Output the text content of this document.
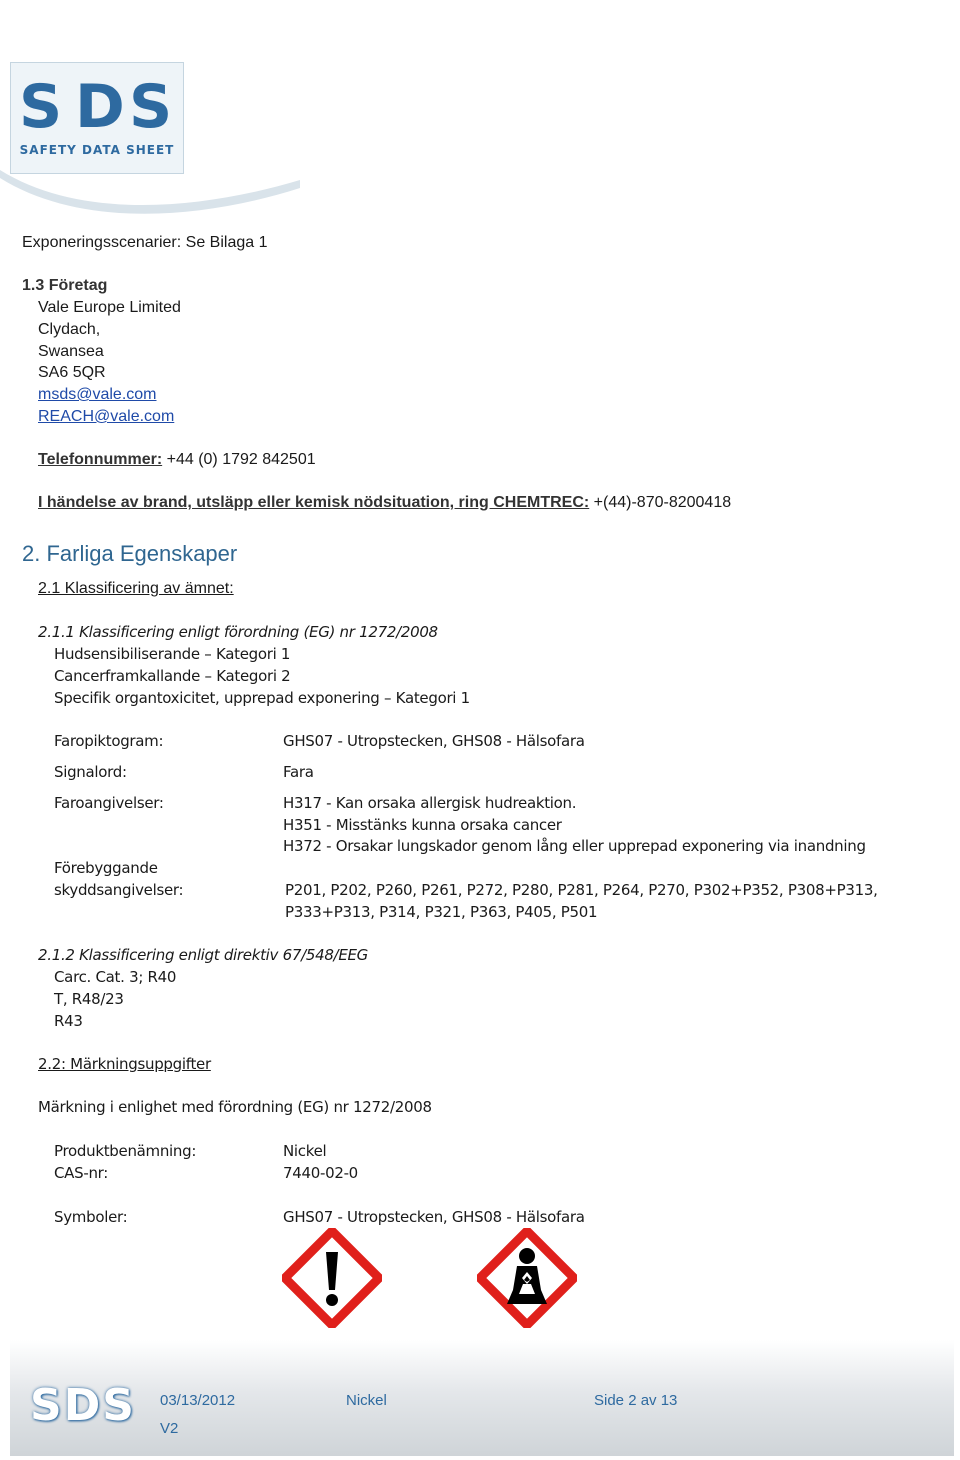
S D S
SAFETY DATA SHEET
Exponeringsscenarier: Se Bilaga 1
1.3 Företag
Vale Europe Limited
Clydach,
Swansea
SA6 5QR
msds@vale.com
REACH@vale.com
Telefonnummer: +44 (0) 1792 842501
I händelse av brand, utsläpp eller kemisk nödsituation, ring CHEMTREC: +(44)-870-8200418
2. Farliga Egenskaper
2.1 Klassificering av ämnet:
2.1.1 Klassificering enligt förordning (EG) nr 1272/2008
Hudsensibiliserande – Kategori 1
Cancerframkallande – Kategori 2
Specifik organtoxicitet, upprepad exponering – Kategori 1
Faropiktogram:	GHS07 - Utropstecken, GHS08 - Hälsofara
Signalord:	Fara
Faroangivelser:	H317 - Kan orsaka allergisk hudreaktion.
H351 - Misstänks kunna orsaka cancer
H372 - Orsakar lungskador genom lång eller upprepad exponering via inandning
Förebyggande
skyddsangivelser:	P201, P202, P260, P261, P272, P280, P281, P264, P270, P302+P352, P308+P313,
P333+P313, P314, P321, P363, P405, P501
2.1.2 Klassificering enligt direktiv 67/548/EEG
Carc. Cat. 3; R40
T, R48/23
R43
2.2: Märkningsuppgifter
Märkning i enlighet med förordning (EG) nr 1272/2008
Produktbenämning:	Nickel
CAS-nr:	7440-02-0
Symboler:	GHS07 - Utropstecken, GHS08 - Hälsofara
SDS 03/13/2012
V2
Nickel	Side 2 av 13
